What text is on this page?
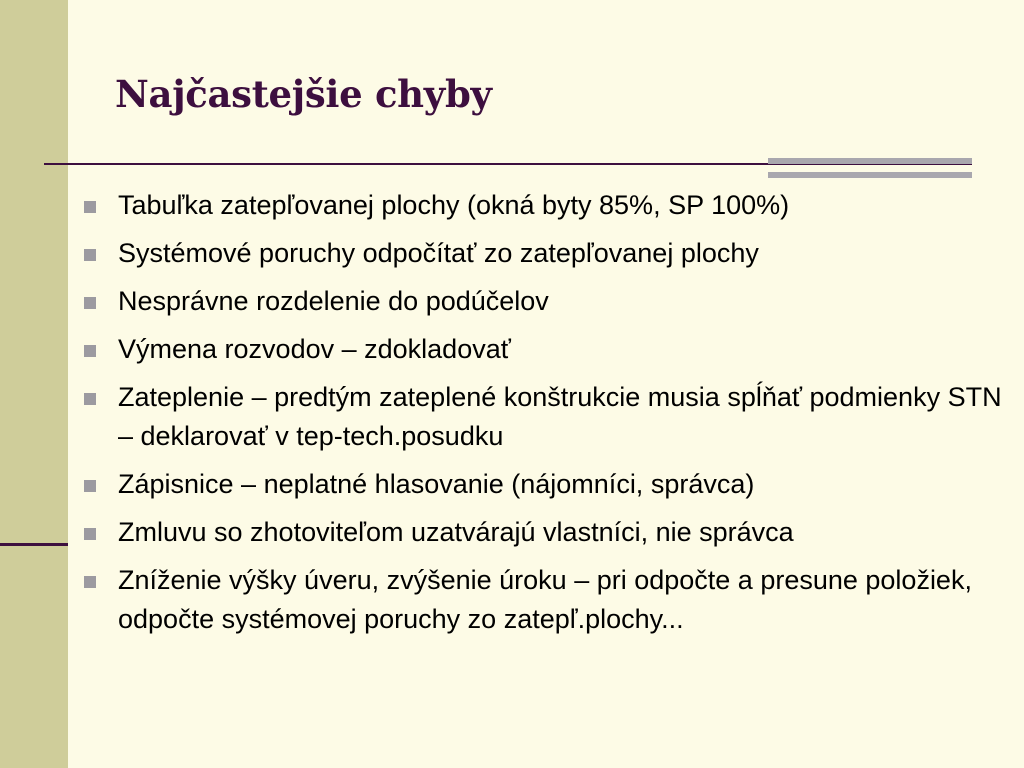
Najčastejšie chyby
Tabuľka zatepľovanej plochy (okná byty 85%, SP 100%)
Systémové poruchy odpočítať zo zatepľovanej plochy
Nesprávne rozdelenie do podúčelov
Výmena rozvodov – zdokladovať
Zateplenie – predtým zateplené konštrukcie musia spĺňať podmienky STN – deklarovať v tep-tech.posudku
Zápisnice – neplatné hlasovanie (nájomníci, správca)
Zmluvu so zhotoviteľom uzatvárajú vlastníci, nie správca
Zníženie výšky úveru, zvýšenie úroku – pri odpočte a presune položiek, odpočte systémovej poruchy zo zatepľ.plochy...
